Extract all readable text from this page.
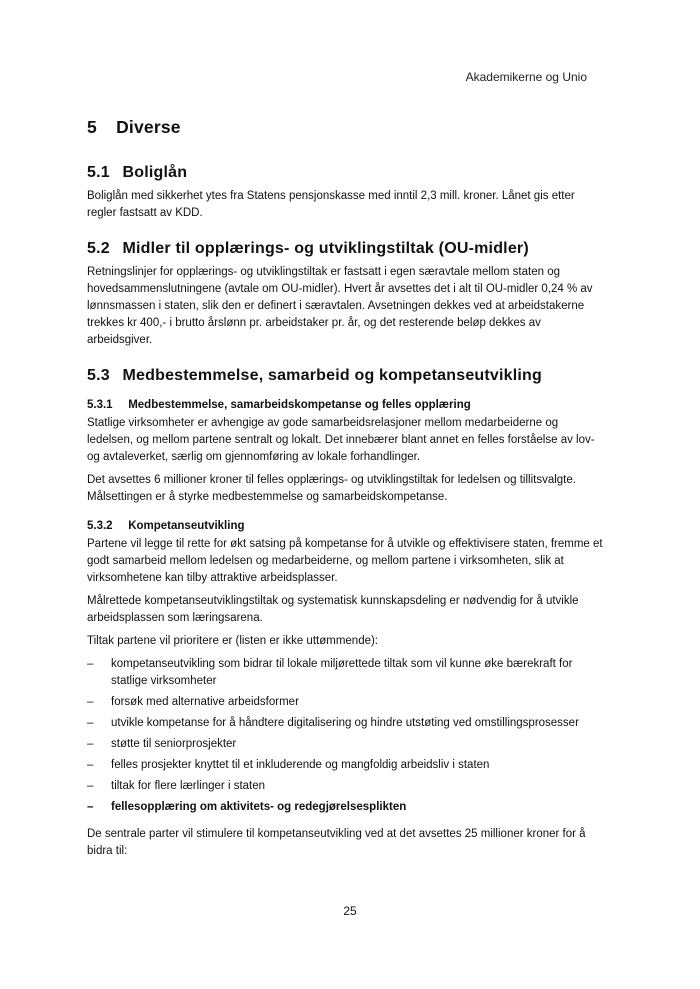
Akademikerne og Unio
5 Diverse
5.1 Boliglån

Boliglån med sikkerhet ytes fra Statens pensjonskasse med inntil 2,3 mill. kroner. Lånet gis etter regler fastsatt av KDD.

5.2 Midler til opplærings- og utviklingstiltak (OU-midler)

Retningslinjer for opplærings- og utviklingstiltak er fastsatt i egen særavtale mellom staten og hovedsammenslutningene (avtale om OU-midler). Hvert år avsettes det i alt til OU-midler 0,24 % av lønnsmassen i staten, slik den er definert i særavtalen. Avsetningen dekkes ved at arbeidstakerne trekkes kr 400,- i brutto årslønn pr. arbeidstaker pr. år, og det resterende beløp dekkes av arbeidsgiver.

5.3 Medbestemmelse, samarbeid og kompetanseutvikling
5.3.1 Medbestemmelse, samarbeidskompetanse og felles opplæring

Statlige virksomheter er avhengige av gode samarbeidsrelasjoner mellom medarbeiderne og ledelsen, og mellom partene sentralt og lokalt. Det innebærer blant annet en felles forståelse av lov- og avtaleverket, særlig om gjennomføring av lokale forhandlinger.

Det avsettes 6 millioner kroner til felles opplærings- og utviklingstiltak for ledelsen og tillitsvalgte. Målsettingen er å styrke medbestemmelse og samarbeidskompetanse.

5.3.2 Kompetanseutvikling

Partene vil legge til rette for økt satsing på kompetanse for å utvikle og effektivisere staten, fremme et godt samarbeid mellom ledelsen og medarbeiderne, og mellom partene i virksomheten, slik at virksomhetene kan tilby attraktive arbeidsplasser.

Målrettede kompetanseutviklingstiltak og systematisk kunnskapsdeling er nødvendig for å utvikle arbeidsplassen som læringsarena.

Tiltak partene vil prioritere er (listen er ikke uttømmende):

– kompetanseutvikling som bidrar til lokale miljørettede tiltak som vil kunne øke bærekraft for statlige virksomheter
– forsøk med alternative arbeidsformer
– utvikle kompetanse for å håndtere digitalisering og hindre utstøting ved omstillingsprosesser
– støtte til seniorprosjekter
– felles prosjekter knyttet til et inkluderende og mangfoldig arbeidsliv i staten
– tiltak for flere lærlinger i staten
– fellesopplæring om aktivitets- og redegjørelsesplikten

De sentrale parter vil stimulere til kompetanseutvikling ved at det avsettes 25 millioner kroner for å bidra til:

25
